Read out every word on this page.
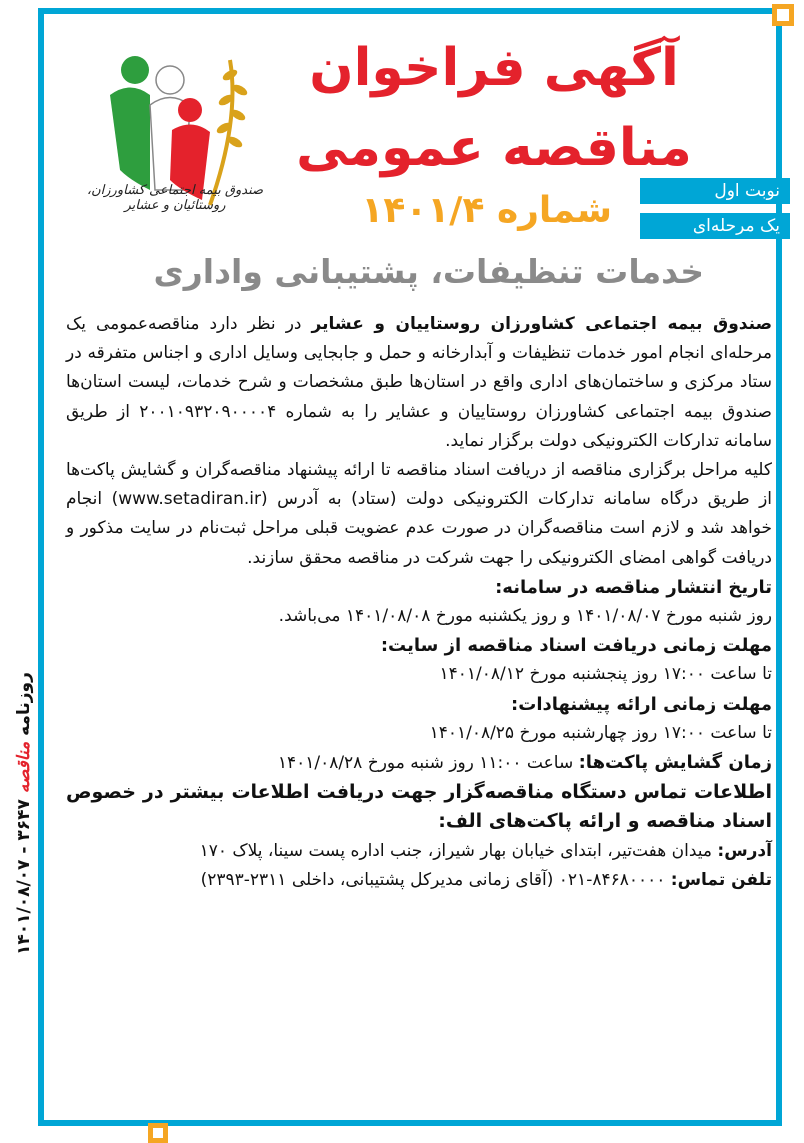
صندوق بیمه اجتماعی کشاورزان، روستائیان و عشایر
آگهی فراخوان
مناقصه عمومی
نوبت اول
یک مرحله‌ای
شماره ۱۴۰۱/۴
خدمات تنظیفات، پشتیبانی واداری

صندوق بیمه اجتماعی کشاورزان روستاییان و عشایر در نظر دارد مناقصه‌عمومی یک مرحله‌ای انجام امور خدمات تنظیفات و آبدارخانه و حمل و جابجایی وسایل اداری و اجناس متفرقه در ستاد مرکزی و ساختمان‌های اداری واقع در استان‌ها طبق مشخصات و شرح خدمات، لیست استان‌ها صندوق بیمه اجتماعی کشاورزان روستاییان و عشایر را به شماره ۲۰۰۱۰۹۳۲۰۹۰۰۰۰۴ از طریق سامانه تدارکات الکترونیکی دولت برگزار نماید.

کلیه مراحل برگزاری مناقصه از دریافت اسناد مناقصه تا ارائه پیشنهاد مناقصه‌گران و گشایش پاکت‌ها از طریق درگاه سامانه تدارکات الکترونیکی دولت (ستاد) به آدرس (www.setadiran.ir) انجام خواهد شد و لازم است مناقصه‌گران در صورت عدم عضویت قبلی مراحل ثبت‌نام در سایت مذکور و دریافت گواهی امضای الکترونیکی را جهت شرکت در مناقصه محقق سازند.

تاریخ انتشار مناقصه در سامانه:

روز شنبه مورخ ۱۴۰۱/۰۸/۰۷ و روز یکشنبه مورخ ۱۴۰۱/۰۸/۰۸ می‌باشد.

مهلت زمانی دریافت اسناد مناقصه از سایت:

تا ساعت ۱۷:۰۰ روز پنجشنبه مورخ ۱۴۰۱/۰۸/۱۲

مهلت زمانی ارائه پیشنهادات:

تا ساعت ۱۷:۰۰ روز چهارشنبه مورخ ۱۴۰۱/۰۸/۲۵

زمان گشایش پاکت‌ها: ساعت ۱۱:۰۰ روز شنبه مورخ ۱۴۰۱/۰۸/۲۸

اطلاعات تماس دستگاه مناقصه‌گزار جهت دریافت اطلاعات بیشتر در خصوص اسناد مناقصه و ارائه پاکت‌های الف:

آدرس: میدان هفت‌تیر، ابتدای خیابان بهار شیراز، جنب اداره پست سینا، پلاک ۱۷۰

تلفن تماس: ۸۴۶۸۰۰۰۰-۰۲۱ (آقای زمانی مدیرکل پشتیبانی، داخلی ۲۳۱۱-۲۳۹۳)

روزنامه مناقصه ۳۶۴۷ - ۱۴۰۱/۰۸/۰۷
